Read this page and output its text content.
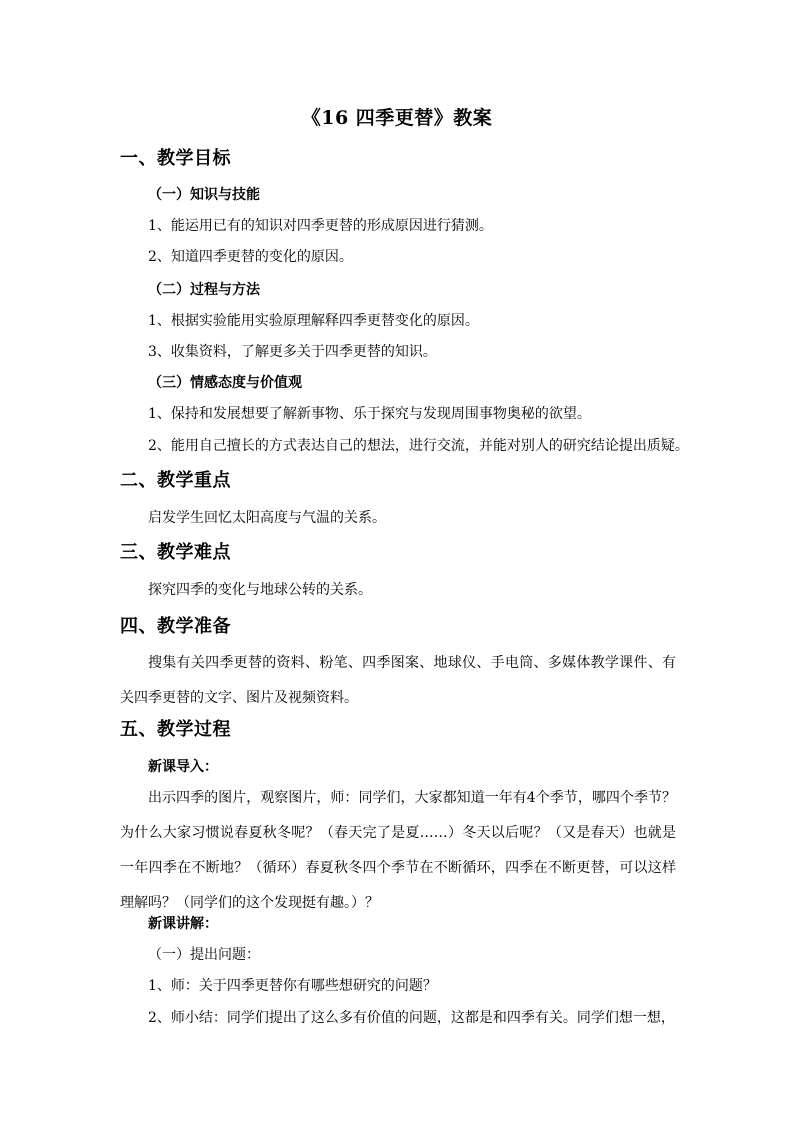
《16 四季更替》教案
一、教学目标
（一）知识与技能
1、能运用已有的知识对四季更替的形成原因进行猜测。
2、知道四季更替的变化的原因。
（二）过程与方法
1、根据实验能用实验原理解释四季更替变化的原因。
3、收集资料，了解更多关于四季更替的知识。
（三）情感态度与价值观
1、保持和发展想要了解新事物、乐于探究与发现周围事物奥秘的欲望。
2、能用自己擅长的方式表达自己的想法，进行交流，并能对别人的研究结论提出质疑。
二、教学重点
启发学生回忆太阳高度与气温的关系。
三、教学难点
探究四季的变化与地球公转的关系。
四、教学准备

搜集有关四季更替的资料、粉笔、四季图案、地球仪、手电筒、多媒体教学课件、有关四季更替的文字、图片及视频资料。

五、教学过程
新课导入：

出示四季的图片，观察图片，师：同学们，大家都知道一年有4个季节，哪四个季节？为什么大家习惯说春夏秋冬呢？（春天完了是夏……）冬天以后呢？（又是春天）也就是一年四季在不断地？（循环）春夏秋冬四个季节在不断循环，四季在不断更替，可以这样理解吗？（同学们的这个发现挺有趣。）？

新课讲解：
（一）提出问题：
1、师：关于四季更替你有哪些想研究的问题？
2、师小结：同学们提出了这么多有价值的问题，这都是和四季有关。同学们想一想，
